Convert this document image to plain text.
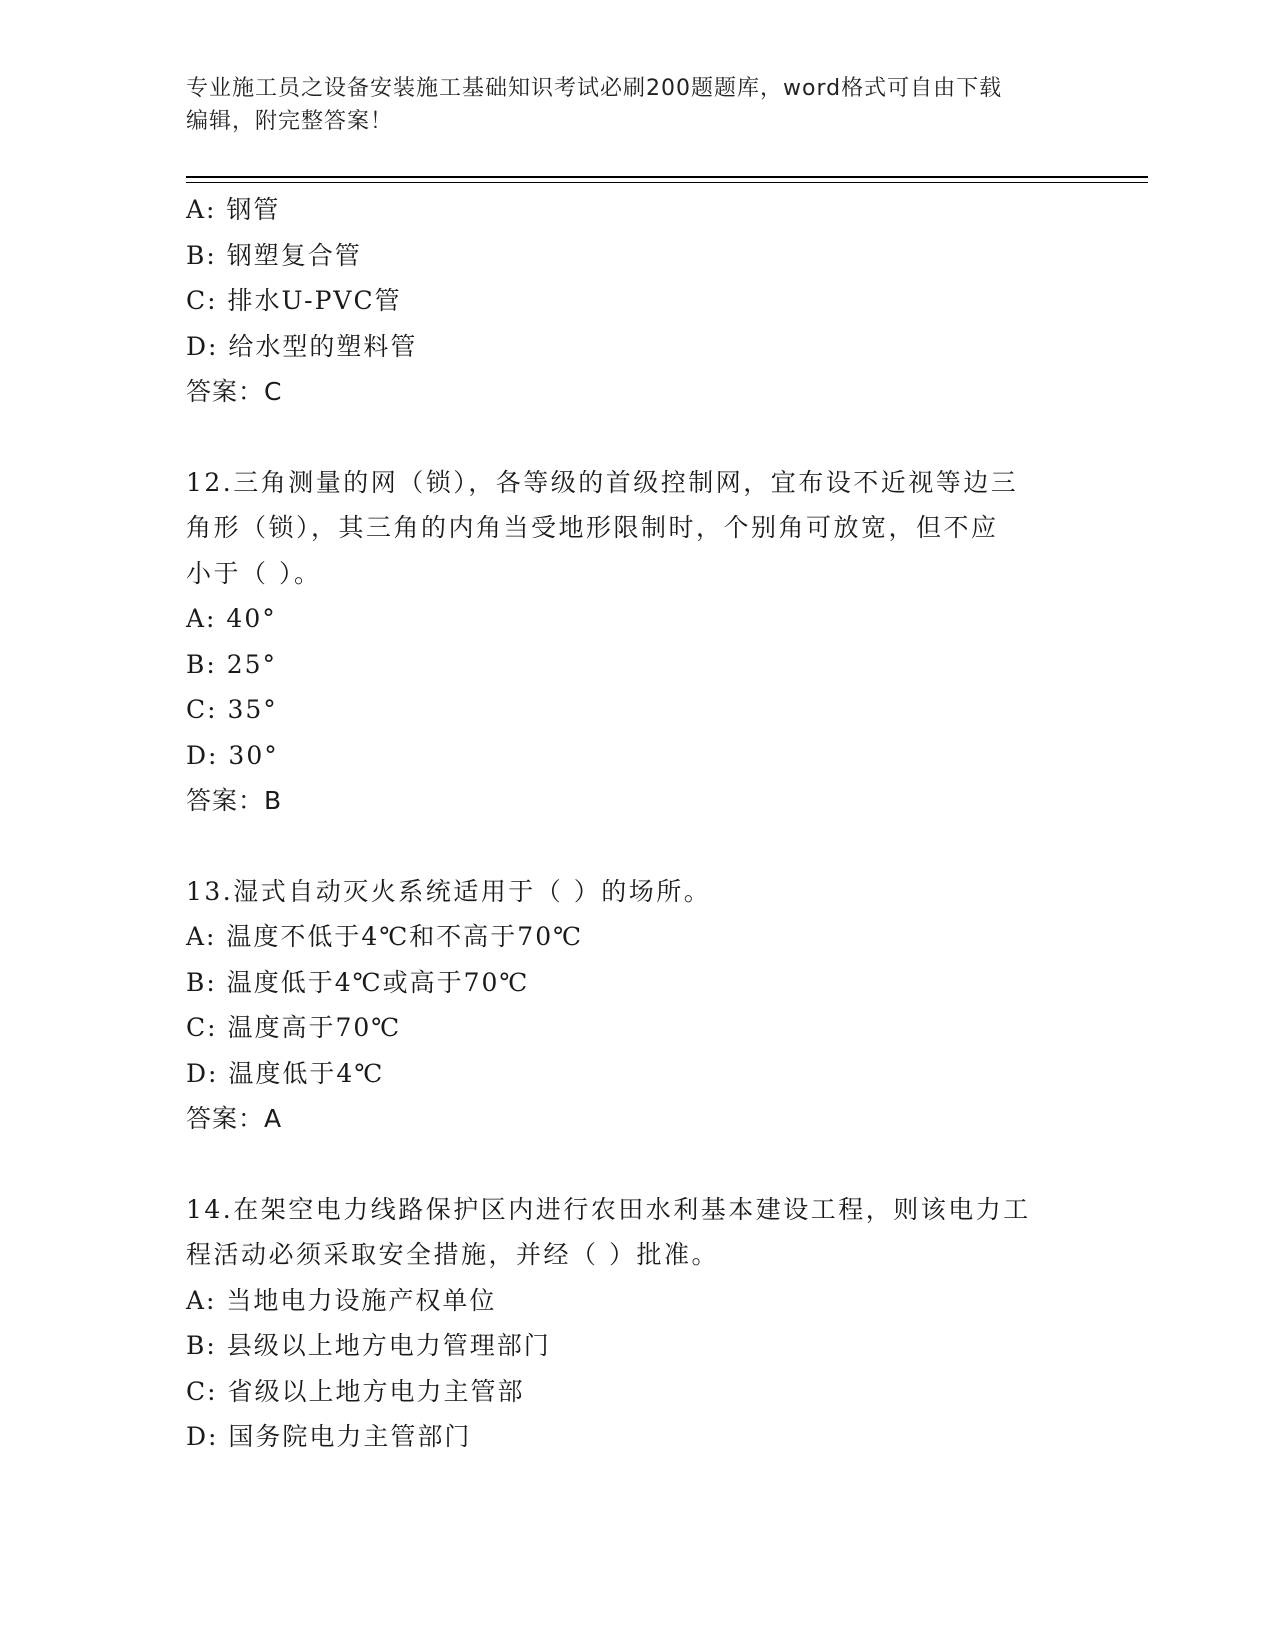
专业施工员之设备安装施工基础知识考试必刷200题题库，word格式可自由下载
编辑，附完整答案！
A: 钢管
B: 钢塑复合管
C: 排水U-PVC管
D: 给水型的塑料管
答案：C
12.三角测量的网（锁），各等级的首级控制网，宜布设不近视等边三
角形（锁），其三角的内角当受地形限制时，个别角可放宽，但不应
小于（ ）。
A: 40°
B: 25°
C: 35°
D: 30°
答案：B
13.湿式自动灭火系统适用于（ ）的场所。
A: 温度不低于4℃和不高于70℃
B: 温度低于4℃或高于70℃
C: 温度高于70℃
D: 温度低于4℃
答案：A
14.在架空电力线路保护区内进行农田水利基本建设工程，则该电力工
程活动必须采取安全措施，并经（ ）批准。
A: 当地电力设施产权单位
B: 县级以上地方电力管理部门
C: 省级以上地方电力主管部
D: 国务院电力主管部门
